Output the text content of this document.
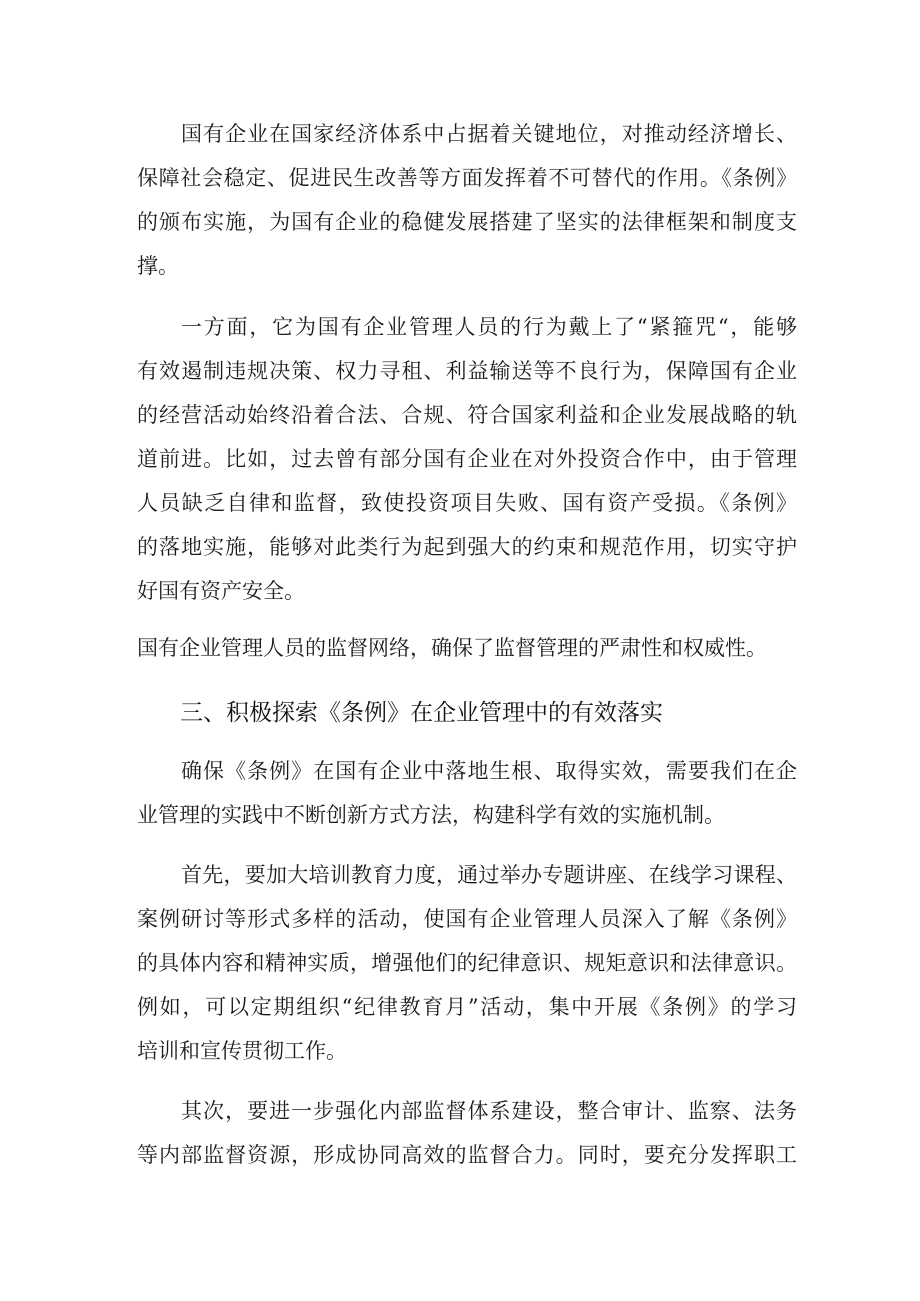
国有企业在国家经济体系中占据着关键地位，对推动经济增长、
保障社会稳定、促进民生改善等方面发挥着不可替代的作用。《条例》
的颁布实施，为国有企业的稳健发展搭建了坚实的法律框架和制度支
撑。
一方面，它为国有企业管理人员的行为戴上了“紧箍咒“，能够
有效遏制违规决策、权力寻租、利益输送等不良行为，保障国有企业
的经营活动始终沿着合法、合规、符合国家利益和企业发展战略的轨
道前进。比如，过去曾有部分国有企业在对外投资合作中，由于管理
人员缺乏自律和监督，致使投资项目失败、国有资产受损。《条例》
的落地实施，能够对此类行为起到强大的约束和规范作用，切实守护
好国有资产安全。
国有企业管理人员的监督网络，确保了监督管理的严肃性和权威性。
三、积极探索《条例》在企业管理中的有效落实
确保《条例》在国有企业中落地生根、取得实效，需要我们在企
业管理的实践中不断创新方式方法，构建科学有效的实施机制。
首先，要加大培训教育力度，通过举办专题讲座、在线学习课程、
案例研讨等形式多样的活动，使国有企业管理人员深入了解《条例》
的具体内容和精神实质，增强他们的纪律意识、规矩意识和法律意识。
例如，可以定期组织“纪律教育月”活动，集中开展《条例》的学习
培训和宣传贯彻工作。
其次，要进一步强化内部监督体系建设，整合审计、监察、法务
等内部监督资源，形成协同高效的监督合力。同时，要充分发挥职工
